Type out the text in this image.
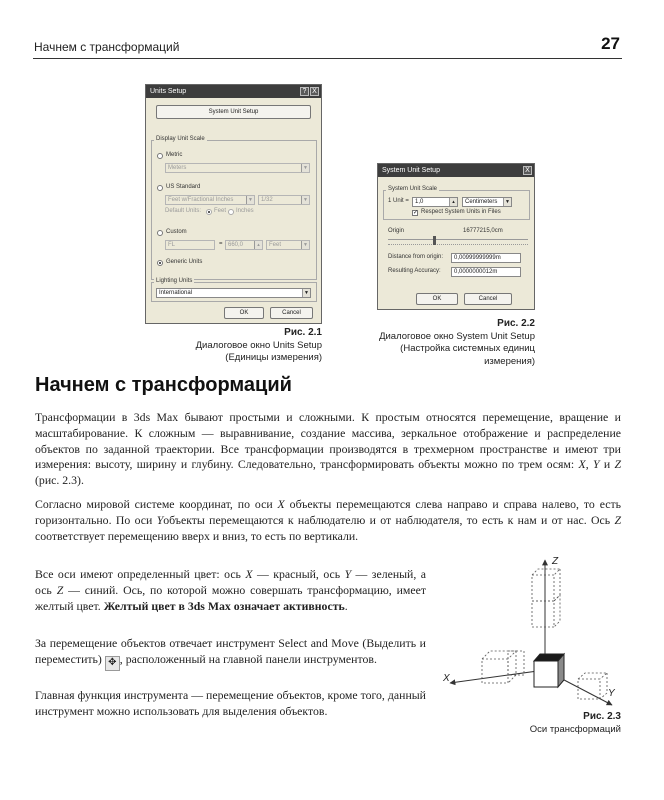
Начнем с трансформаций	27
Units Setup	? X
System Unit Setup
Display Unit Scale
Metric
Meters	▼
US Standard
Feet w/Fractional Inches	▼	1/32	▼
Default Units: Feet Inches
Custom
FL	= 660,0	▴	Feet	▼
Generic Units
Lighting Units
International	▼
OK	Cancel
Рис. 2.1
Диалоговое окно Units Setup
(Единицы измерения)
System Unit Setup	X
System Unit Scale
1 Unit =	1,0	▴	Centimeters	▼
✓ Respect System Units in Files
Origin	16777215,0cm
Distance from origin:	0,00999999999m
Resulting Accuracy:	0,0000000012m
OK	Cancel
Рис. 2.2
Диалоговое окно System Unit Setup
(Настройка системных единиц
измерения)
Начнем с трансформаций
Трансформации в 3ds Max бывают простыми и сложными. К простым относятся перемещение, вращение и масштабирование. К сложным — выравнивание, создание массива, зеркальное отображение и распределение объектов по заданной траектории. Все трансформации производятся в трехмерном пространстве и имеют три измерения: высоту, ширину и глубину. Следовательно, трансформировать объекты можно по трем осям: X, Y и Z (рис. 2.3).
Согласно мировой системе координат, по оси X объекты перемещаются слева направо и справа налево, то есть горизонтально. По оси Yобъекты перемещаются к наблюдателю и от наблюдателя, то есть к нам и от нас. Ось Z соответствует перемещению вверх и вниз, то есть по вертикали.
Все оси имеют определенный цвет: ось X — красный, ось Y — зеленый, а ось Z — синий. Ось, по которой можно совершать трансформацию, имеет желтый цвет. Желтый цвет в 3ds Max означает активность.
За перемещение объектов отвечает инструмент Select and Move (Выделить и переместить) ✥ , расположенный на главной панели инструментов.
Главная функция инструмента — перемещение объектов, кроме того, данный инструмент можно использовать для выделения объектов.
Z
X
Y
Рис. 2.3
Оси трансформаций
